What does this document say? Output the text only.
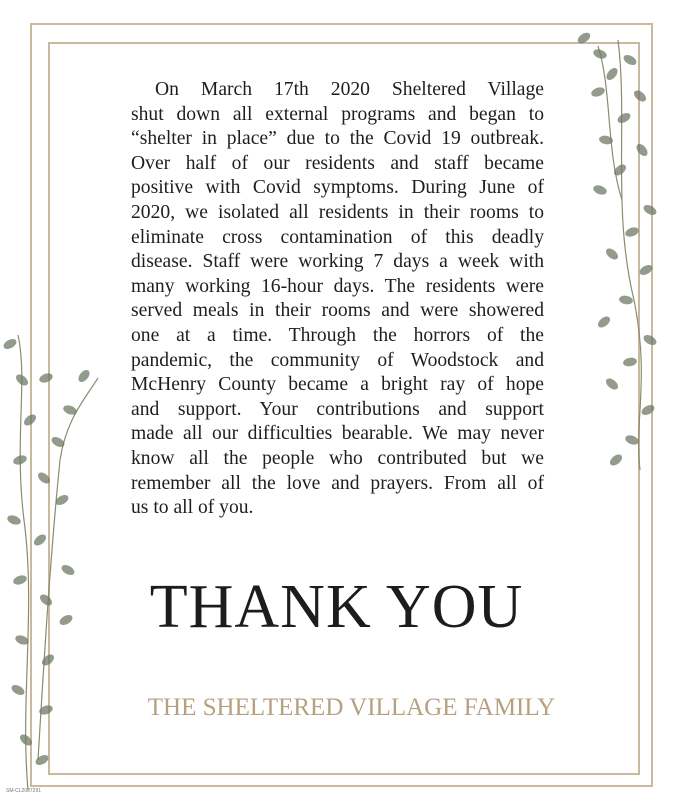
On March 17th 2020 Sheltered Village
shut down all external programs and began to
“shelter in place” due to the Covid 19 outbreak.
Over half of our residents and staff became
positive with Covid symptoms. During June of
2020, we isolated all residents in their rooms to
eliminate cross contamination of this deadly
disease. Staff were working 7 days a week with
many working 16-hour days. The residents were
served meals in their rooms and were showered
one at a time. Through the horrors of the
pandemic, the community of Woodstock and
McHenry County became a bright ray of hope
and support. Your contributions and support
made all our difficulties bearable. We may never
know all the people who contributed but we
remember all the love and prayers. From all of
us to all of you.
THANK YOU
THE SHELTERED VILLAGE FAMILY
SM-CL2087291
